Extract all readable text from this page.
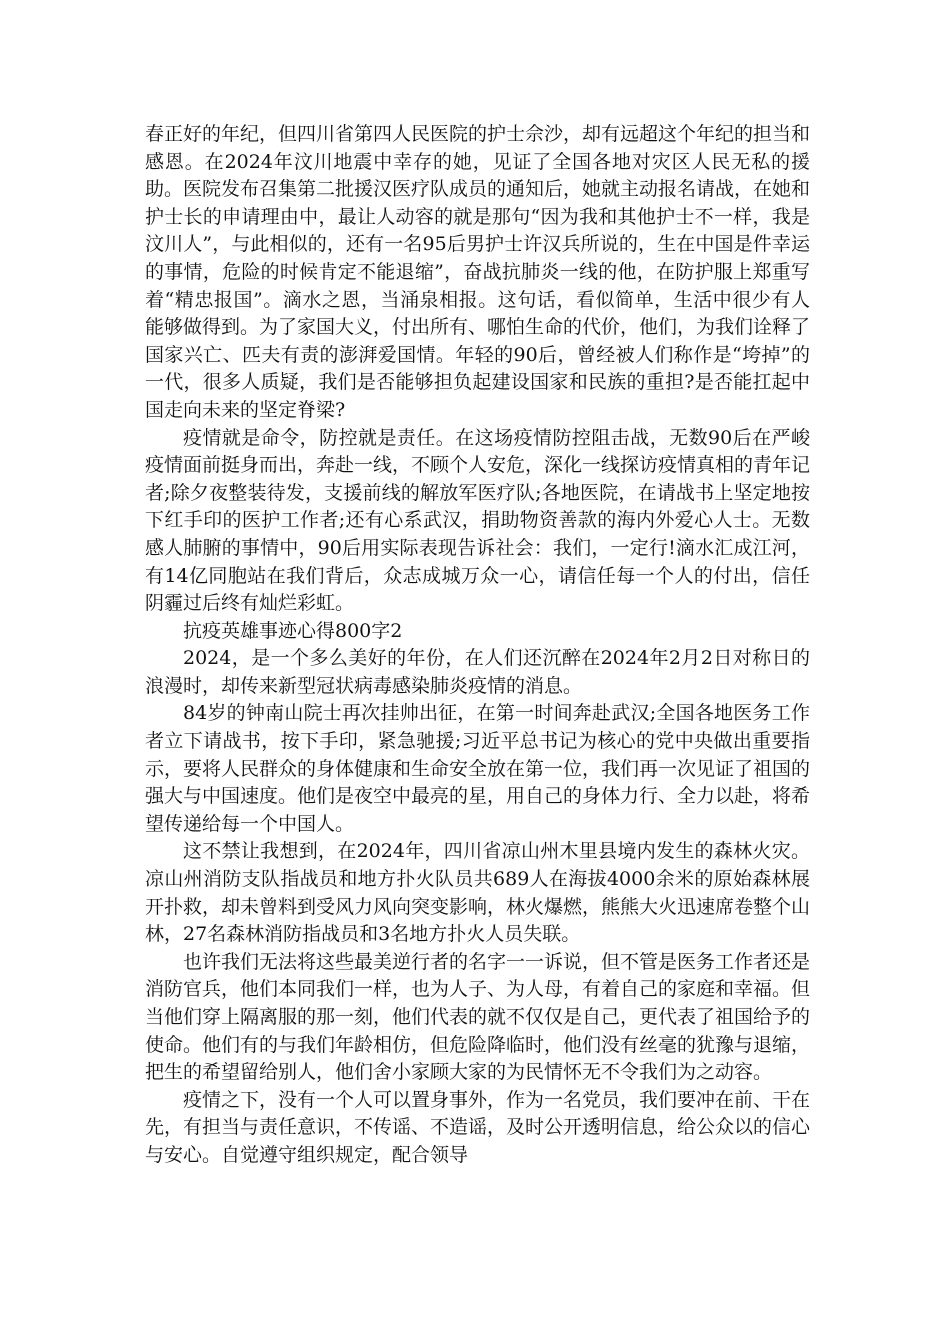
春正好的年纪，但四川省第四人民医院的护士佘沙，却有远超这个年纪的担当和感恩。在2024年汶川地震中幸存的她，见证了全国各地对灾区人民无私的援助。医院发布召集第二批援汉医疗队成员的通知后，她就主动报名请战，在她和护士长的申请理由中，最让人动容的就是那句“因为我和其他护士不一样，我是汶川人”，与此相似的，还有一名95后男护士许汉兵所说的，生在中国是件幸运的事情，危险的时候肯定不能退缩”，奋战抗肺炎一线的他，在防护服上郑重写着“精忠报国”。滴水之恩，当涌泉相报。这句话，看似简单，生活中很少有人能够做得到。为了家国大义，付出所有、哪怕生命的代价，他们，为我们诠释了国家兴亡、匹夫有责的澎湃爱国情。年轻的90后，曾经被人们称作是“垮掉”的一代，很多人质疑，我们是否能够担负起建设国家和民族的重担?是否能扛起中国走向未来的坚定脊梁?

疫情就是命令，防控就是责任。在这场疫情防控阻击战，无数90后在严峻疫情面前挺身而出，奔赴一线，不顾个人安危，深化一线探访疫情真相的青年记者;除夕夜整装待发，支援前线的解放军医疗队;各地医院，在请战书上坚定地按下红手印的医护工作者;还有心系武汉，捐助物资善款的海内外爱心人士。无数感人肺腑的事情中，90后用实际表现告诉社会：我们，一定行!滴水汇成江河，有14亿同胞站在我们背后，众志成城万众一心，请信任每一个人的付出，信任阴霾过后终有灿烂彩虹。

抗疫英雄事迹心得800字2

2024，是一个多么美好的年份，在人们还沉醉在2024年2月2日对称日的浪漫时，却传来新型冠状病毒感染肺炎疫情的消息。

84岁的钟南山院士再次挂帅出征，在第一时间奔赴武汉;全国各地医务工作者立下请战书，按下手印，紧急驰援;习近平总书记为核心的党中央做出重要指示，要将人民群众的身体健康和生命安全放在第一位，我们再一次见证了祖国的强大与中国速度。他们是夜空中最亮的星，用自己的身体力行、全力以赴，将希望传递给每一个中国人。

这不禁让我想到，在2024年，四川省凉山州木里县境内发生的森林火灾。凉山州消防支队指战员和地方扑火队员共689人在海拔4000余米的原始森林展开扑救，却未曾料到受风力风向突变影响，林火爆燃，熊熊大火迅速席卷整个山林，27名森林消防指战员和3名地方扑火人员失联。

也许我们无法将这些最美逆行者的名字一一诉说，但不管是医务工作者还是消防官兵，他们本同我们一样，也为人子、为人母，有着自己的家庭和幸福。但当他们穿上隔离服的那一刻，他们代表的就不仅仅是自己，更代表了祖国给予的使命。他们有的与我们年龄相仿，但危险降临时，他们没有丝毫的犹豫与退缩，把生的希望留给别人，他们舍小家顾大家的为民情怀无不令我们为之动容。

疫情之下，没有一个人可以置身事外，作为一名党员，我们要冲在前、干在先，有担当与责任意识，不传谣、不造谣，及时公开透明信息，给公众以的信心与安心。自觉遵守组织规定，配合领导
